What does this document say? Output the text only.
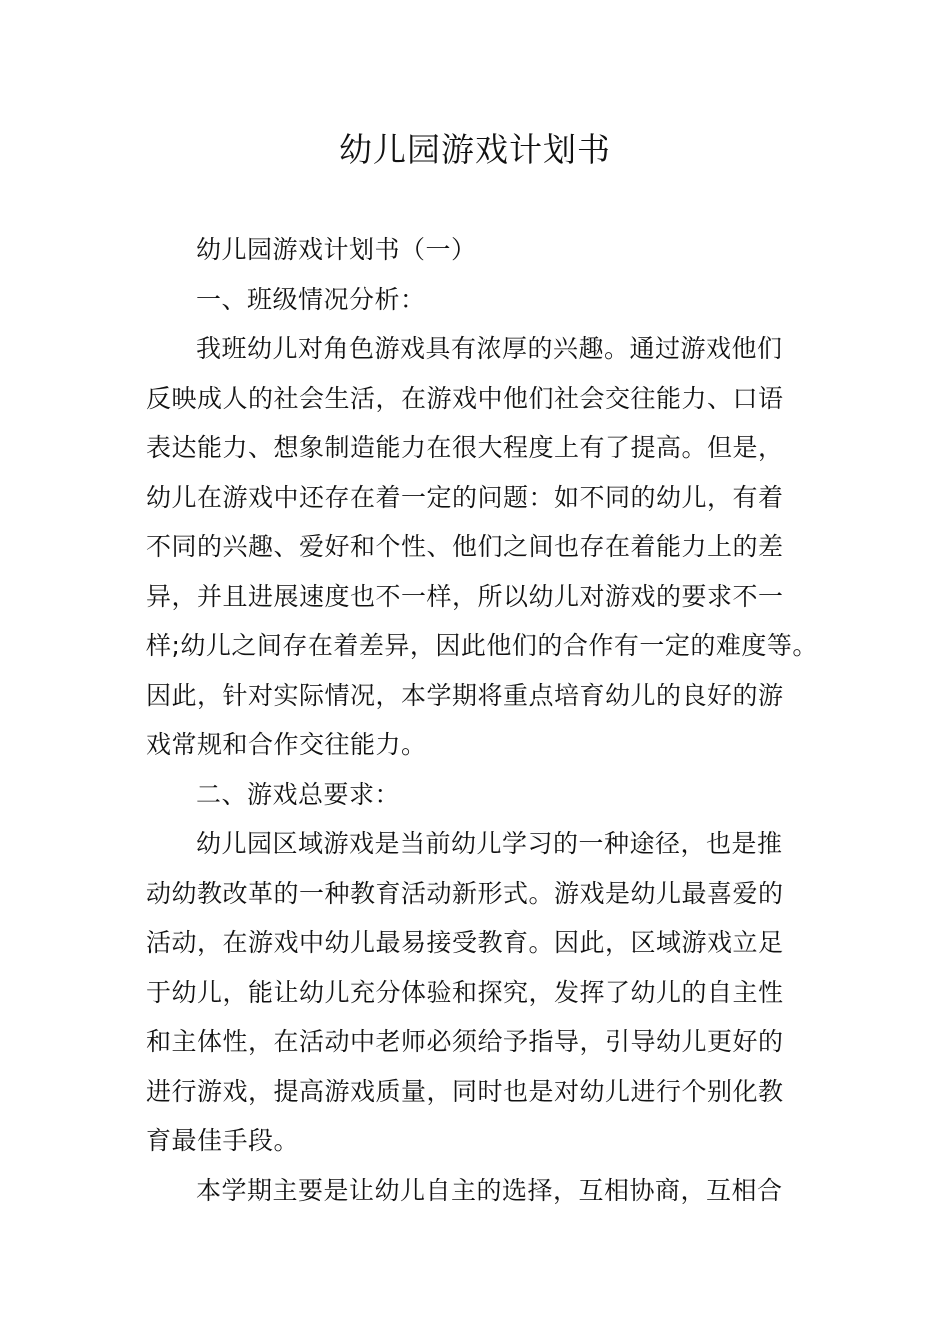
幼儿园游戏计划书
幼儿园游戏计划书（一）
一、班级情况分析：
我班幼儿对角色游戏具有浓厚的兴趣。通过游戏他们
反映成人的社会生活，在游戏中他们社会交往能力、口语
表达能力、想象制造能力在很大程度上有了提高。但是，
幼儿在游戏中还存在着一定的问题：如不同的幼儿，有着
不同的兴趣、爱好和个性、他们之间也存在着能力上的差
异，并且进展速度也不一样，所以幼儿对游戏的要求不一
样;幼儿之间存在着差异，因此他们的合作有一定的难度等。
因此，针对实际情况，本学期将重点培育幼儿的良好的游
戏常规和合作交往能力。
二、游戏总要求：
幼儿园区域游戏是当前幼儿学习的一种途径，也是推
动幼教改革的一种教育活动新形式。游戏是幼儿最喜爱的
活动，在游戏中幼儿最易接受教育。因此，区域游戏立足
于幼儿，能让幼儿充分体验和探究，发挥了幼儿的自主性
和主体性，在活动中老师必须给予指导，引导幼儿更好的
进行游戏，提高游戏质量，同时也是对幼儿进行个别化教
育最佳手段。
本学期主要是让幼儿自主的选择，互相协商，互相合
